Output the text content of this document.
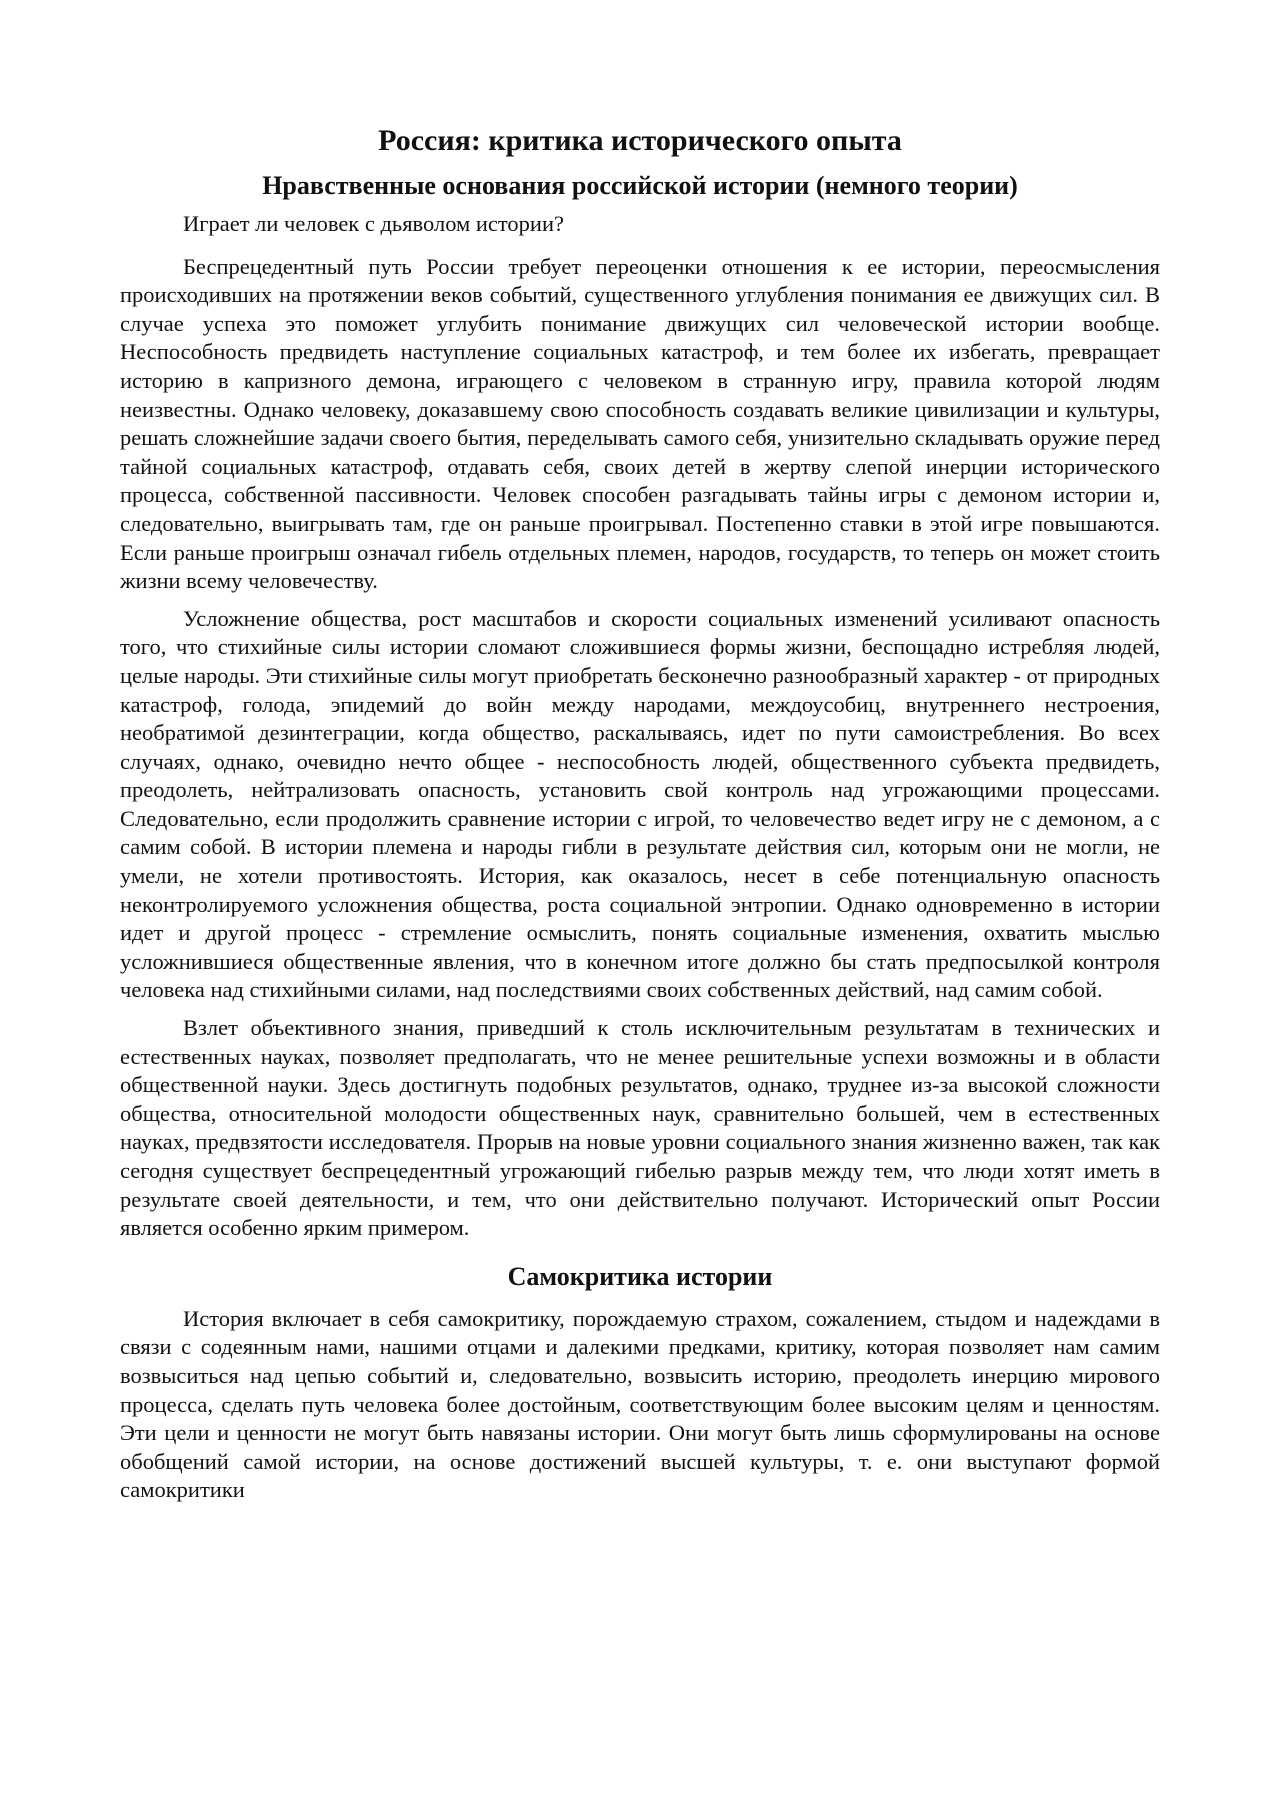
Россия: критика исторического опыта
Нравственные основания российской истории (немного теории)

Играет ли человек с дьяволом истории?

Беспрецедентный путь России требует переоценки отношения к ее истории, переосмысления происходивших на протяжении веков событий, существенного углубления понимания ее движущих сил. В случае успеха это поможет углубить понимание движущих сил человеческой истории вообще. Неспособность предвидеть наступление социальных катастроф, и тем более их избегать, превращает историю в капризного демона, играющего с человеком в странную игру, правила которой людям неизвестны. Однако человеку, доказавшему свою способность создавать великие цивилизации и культуры, решать сложнейшие задачи своего бытия, переделывать самого себя, унизительно складывать оружие перед тайной социальных катастроф, отдавать себя, своих детей в жертву слепой инерции исторического процесса, собственной пассивности. Человек способен разгадывать тайны игры с демоном истории и, следовательно, выигрывать там, где он раньше проигрывал. Постепенно ставки в этой игре повышаются. Если раньше проигрыш означал гибель отдельных племен, народов, государств, то теперь он может стоить жизни всему человечеству.

Усложнение общества, рост масштабов и скорости социальных изменений усиливают опасность того, что стихийные силы истории сломают сложившиеся формы жизни, беспощадно истребляя людей, целые народы. Эти стихийные силы могут приобретать бесконечно разнообразный характер - от природных катастроф, голода, эпидемий до войн между народами, междоусобиц, внутреннего нестроения, необратимой дезинтеграции, когда общество, раскалываясь, идет по пути самоистребления. Во всех случаях, однако, очевидно нечто общее - неспособность людей, общественного субъекта предвидеть, преодолеть, нейтрализовать опасность, установить свой контроль над угрожающими процессами. Следовательно, если продолжить сравнение истории с игрой, то человечество ведет игру не с демоном, а с самим собой. В истории племена и народы гибли в результате действия сил, которым они не могли, не умели, не хотели противостоять. История, как оказалось, несет в себе потенциальную опасность неконтролируемого усложнения общества, роста социальной энтропии. Однако одновременно в истории идет и другой процесс - стремление осмыслить, понять социальные изменения, охватить мыслью усложнившиеся общественные явления, что в конечном итоге должно бы стать предпосылкой контроля человека над стихийными силами, над последствиями своих собственных действий, над самим собой.

Взлет объективного знания, приведший к столь исключительным результатам в технических и естественных науках, позволяет предполагать, что не менее решительные успехи возможны и в области общественной науки. Здесь достигнуть подобных результатов, однако, труднее из-за высокой сложности общества, относительной молодости общественных наук, сравнительно большей, чем в естественных науках, предвзятости исследователя. Прорыв на новые уровни социального знания жизненно важен, так как сегодня существует беспрецедентный угрожающий гибелью разрыв между тем, что люди хотят иметь в результате своей деятельности, и тем, что они действительно получают. Исторический опыт России является особенно ярким примером.

Самокритика истории

История включает в себя самокритику, порождаемую страхом, сожалением, стыдом и надеждами в связи с содеянным нами, нашими отцами и далекими предками, критику, которая позволяет нам самим возвыситься над цепью событий и, следовательно, возвысить историю, преодолеть инерцию мирового процесса, сделать путь человека более достойным, соответствующим более высоким целям и ценностям. Эти цели и ценности не могут быть навязаны истории. Они могут быть лишь сформулированы на основе обобщений самой истории, на основе достижений высшей культуры, т. е. они выступают формой самокритики
